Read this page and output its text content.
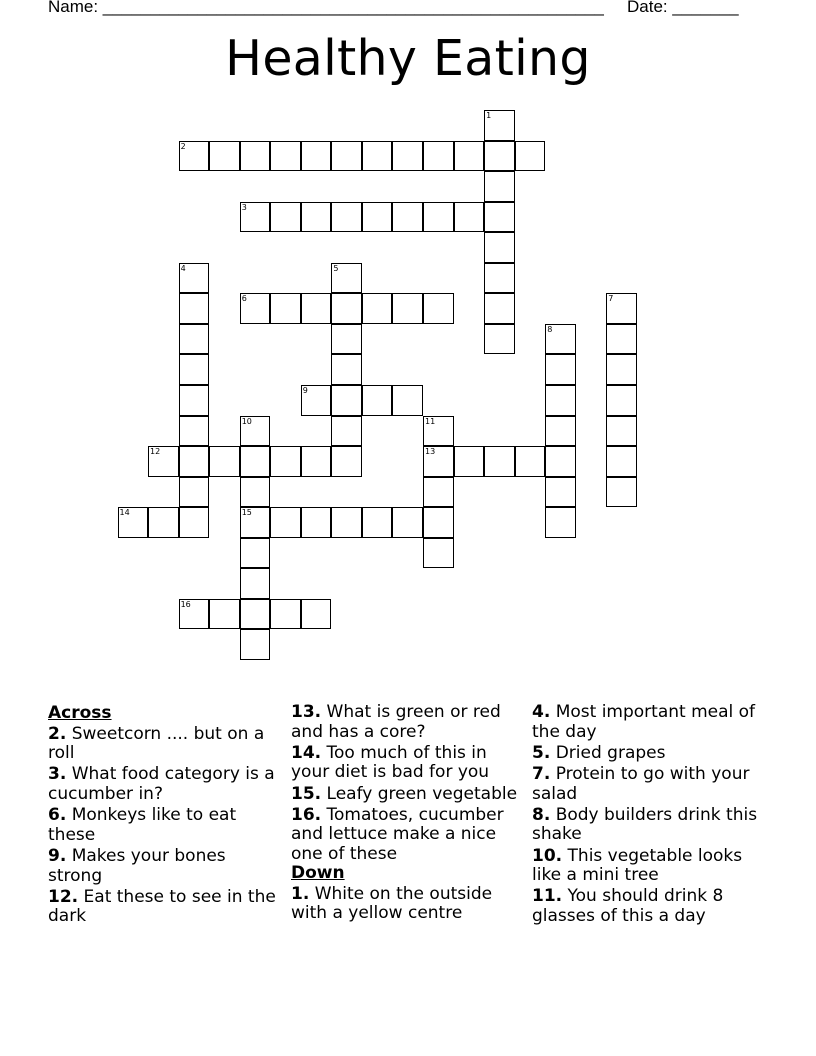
Name: _____________________________________________________ Date: _______
Healthy Eating
1
2
3
4	5
6	7
8
9
10	11
12	13
14	15
16
Across
2. Sweetcorn .... but on a roll
3. What food category is a cucumber in?
6. Monkeys like to eat these
9. Makes your bones strong
12. Eat these to see in the dark
13. What is green or red and has a core?
14. Too much of this in your diet is bad for you
15. Leafy green vegetable
16. Tomatoes, cucumber and lettuce make a nice one of these
Down
1. White on the outside with a yellow centre
4. Most important meal of the day
5. Dried grapes
7. Protein to go with your salad
8. Body builders drink this shake
10. This vegetable looks like a mini tree
11. You should drink 8 glasses of this a day
